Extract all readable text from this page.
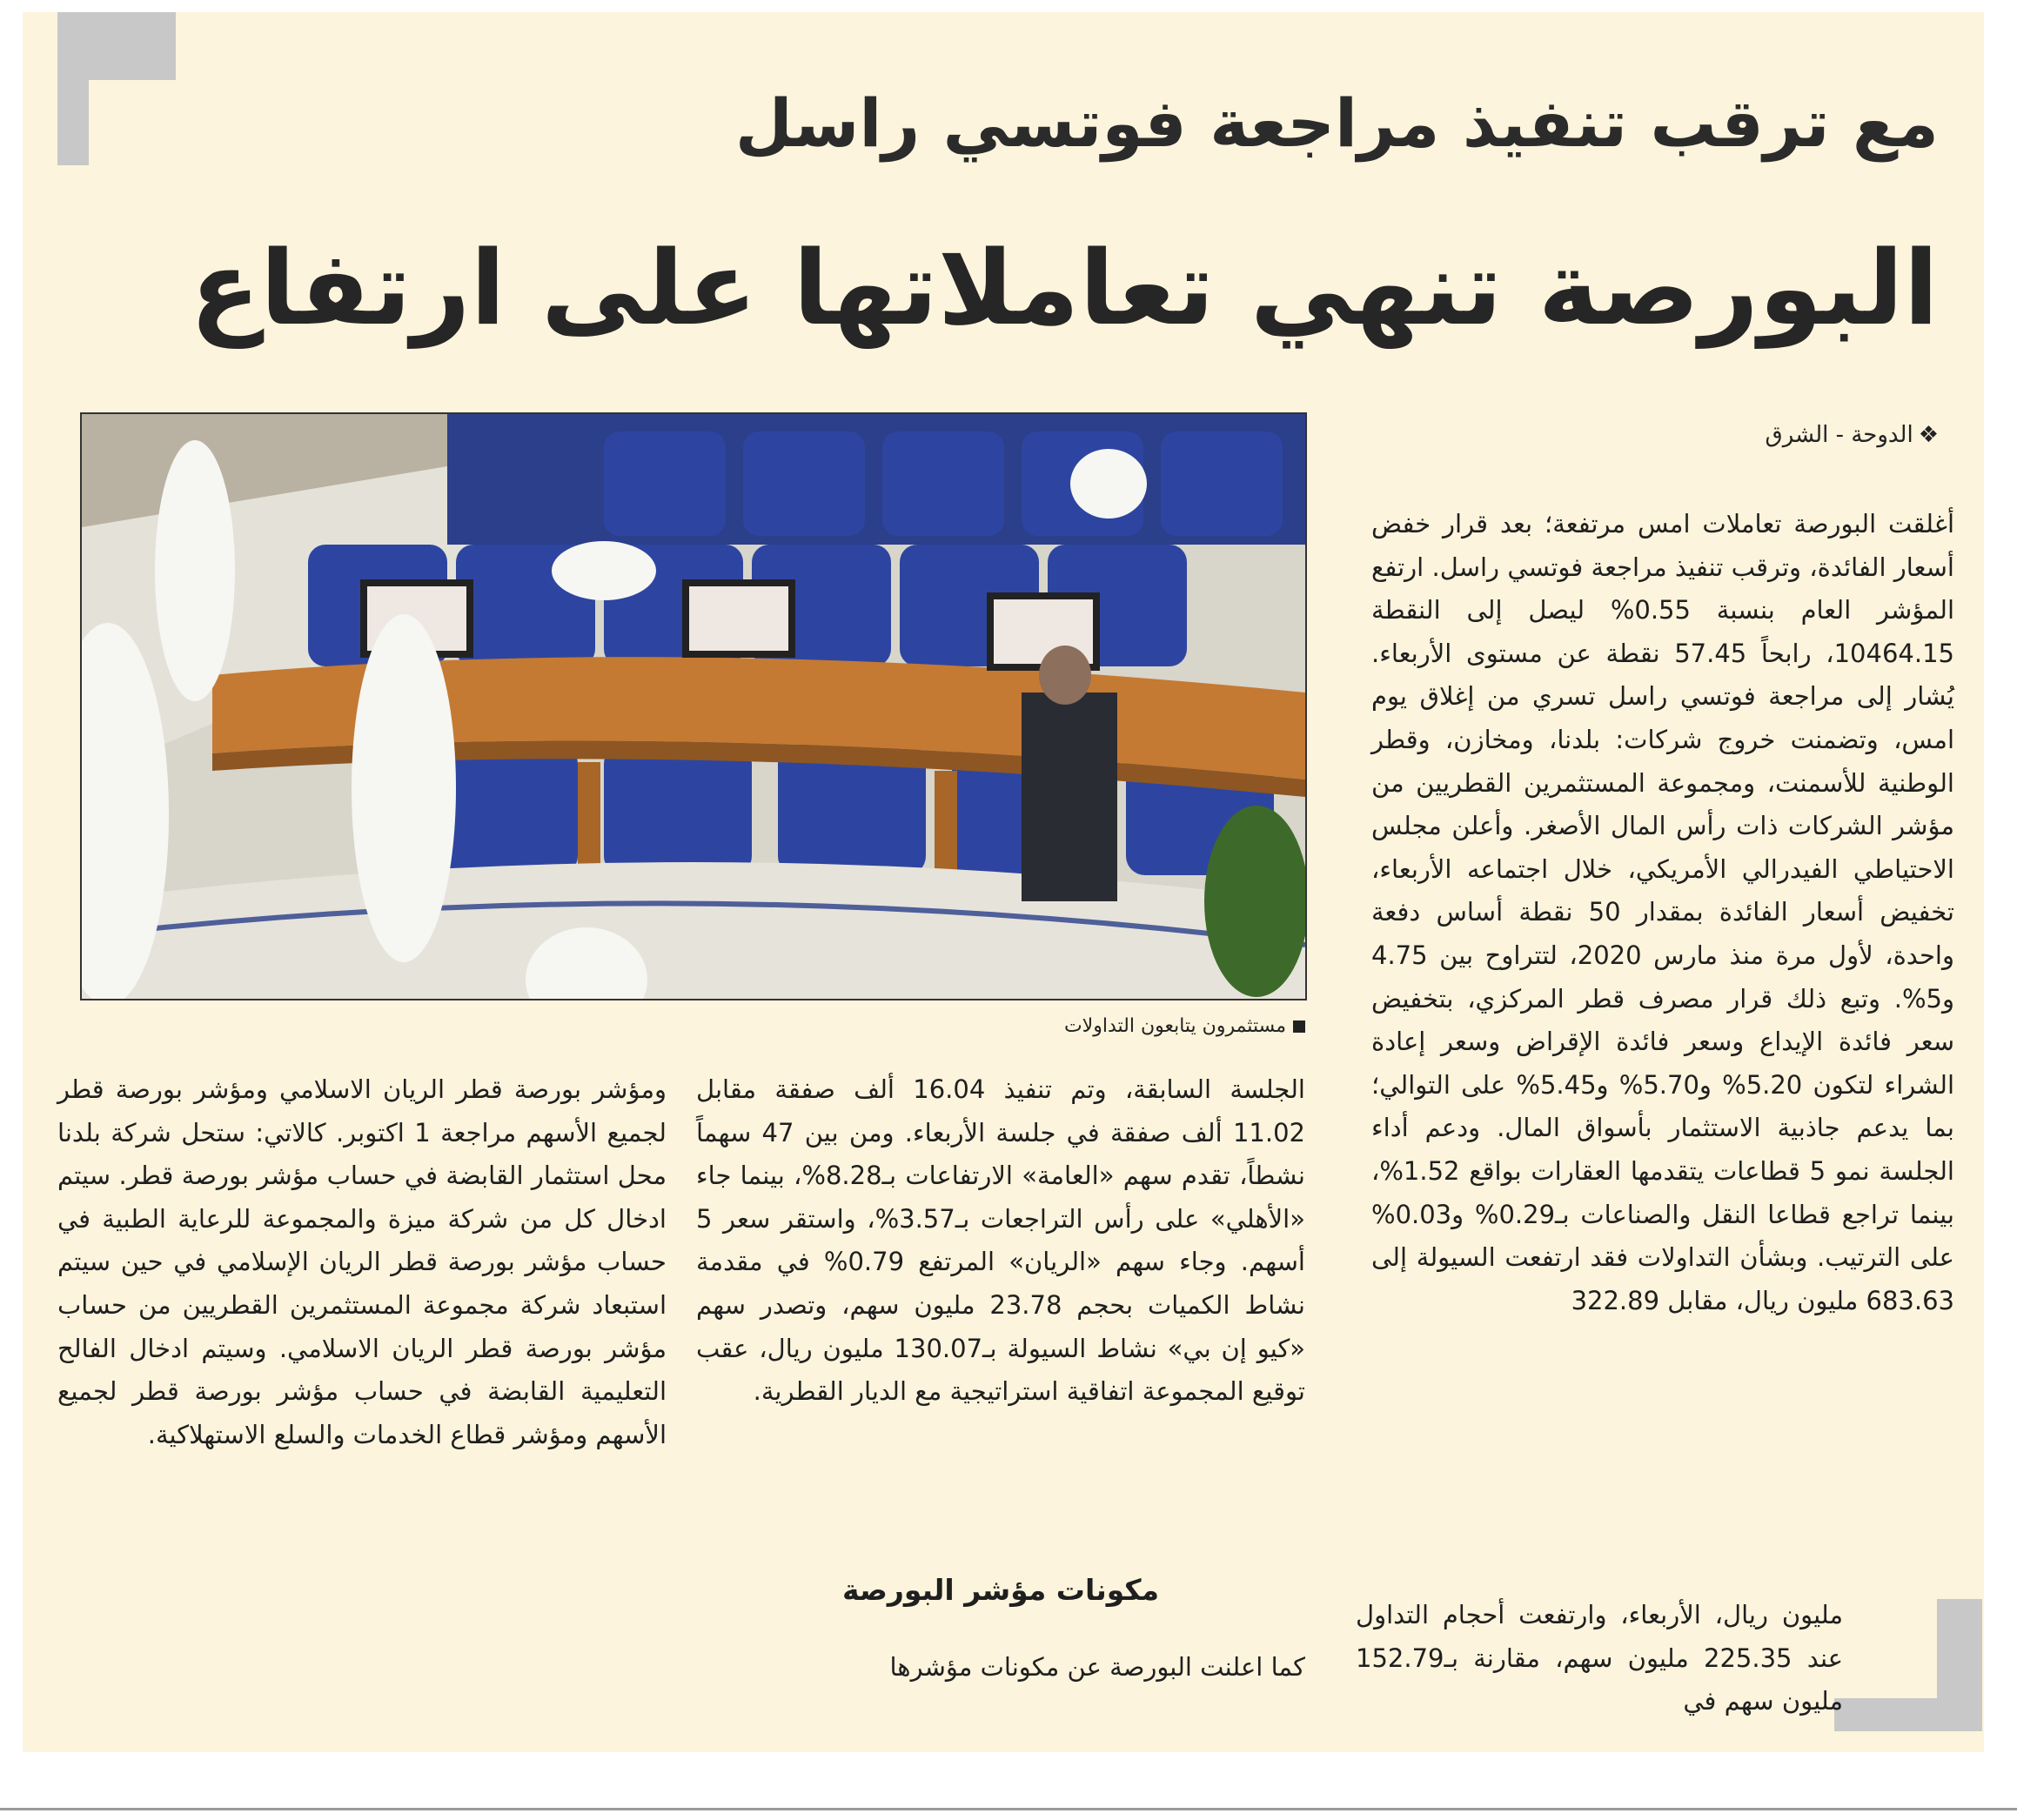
مع ترقب تنفيذ مراجعة فوتسي راسل
البورصة تنهي تعاملاتها على ارتفاع

مستثمرون يتابعون التداولات

❖الدوحة - الشرق

أغلقت البورصة تعاملات امس مرتفعة؛ بعد قرار خفض أسعار الفائدة، وترقب تنفيذ مراجعة فوتسي راسل. ارتفع المؤشر العام بنسبة 0.55% ليصل إلى النقطة 10464.15، رابحاً 57.45 نقطة عن مستوى الأربعاء. يُشار إلى مراجعة فوتسي راسل تسري من إغلاق يوم امس، وتضمنت خروج شركات: بلدنا، ومخازن، وقطر الوطنية للأسمنت، ومجموعة المستثمرين القطريين من مؤشر الشركات ذات رأس المال الأصغر. وأعلن مجلس الاحتياطي الفيدرالي الأمريكي، خلال اجتماعه الأربعاء، تخفيض أسعار الفائدة بمقدار 50 نقطة أساس دفعة واحدة، لأول مرة منذ مارس 2020، لتتراوح بين 4.75 و5%. وتبع ذلك قرار مصرف قطر المركزي، بتخفيض سعر فائدة الإيداع وسعر فائدة الإقراض وسعر إعادة الشراء لتكون 5.20% و5.70% و5.45% على التوالي؛ بما يدعم جاذبية الاستثمار بأسواق المال. ودعم أداء الجلسة نمو 5 قطاعات يتقدمها العقارات بواقع 1.52%، بينما تراجع قطاعا النقل والصناعات بـ0.29% و0.03% على الترتيب. وبشأن التداولات فقد ارتفعت السيولة إلى 683.63 مليون ريال، مقابل 322.89

مليون ريال، الأربعاء، وارتفعت أحجام التداول عند 225.35 مليون سهم، مقارنة بـ152.79 مليون سهم في

الجلسة السابقة، وتم تنفيذ 16.04 ألف صفقة مقابل 11.02 ألف صفقة في جلسة الأربعاء. ومن بين 47 سهماً نشطاً، تقدم سهم «العامة» الارتفاعات بـ8.28%، بينما جاء «الأهلي» على رأس التراجعات بـ3.57%، واستقر سعر 5 أسهم. وجاء سهم «الريان» المرتفع 0.79% في مقدمة نشاط الكميات بحجم 23.78 مليون سهم، وتصدر سهم «كيو إن بي» نشاط السيولة بـ130.07 مليون ريال، عقب توقيع المجموعة اتفاقية استراتيجية مع الديار القطرية.

مكونات مؤشر البورصة

كما اعلنت البورصة عن مكونات مؤشرها

ومؤشر بورصة قطر الريان الاسلامي ومؤشر بورصة قطر لجميع الأسهم مراجعة 1 اكتوبر. كالاتي: ستحل شركة بلدنا محل استثمار القابضة في حساب مؤشر بورصة قطر. سيتم ادخال كل من شركة ميزة والمجموعة للرعاية الطبية في حساب مؤشر بورصة قطر الريان الإسلامي في حين سيتم استبعاد شركة مجموعة المستثمرين القطريين من حساب مؤشر بورصة قطر الريان الاسلامي. وسيتم ادخال الفالح التعليمية القابضة في حساب مؤشر بورصة قطر لجميع الأسهم ومؤشر قطاع الخدمات والسلع الاستهلاكية.
